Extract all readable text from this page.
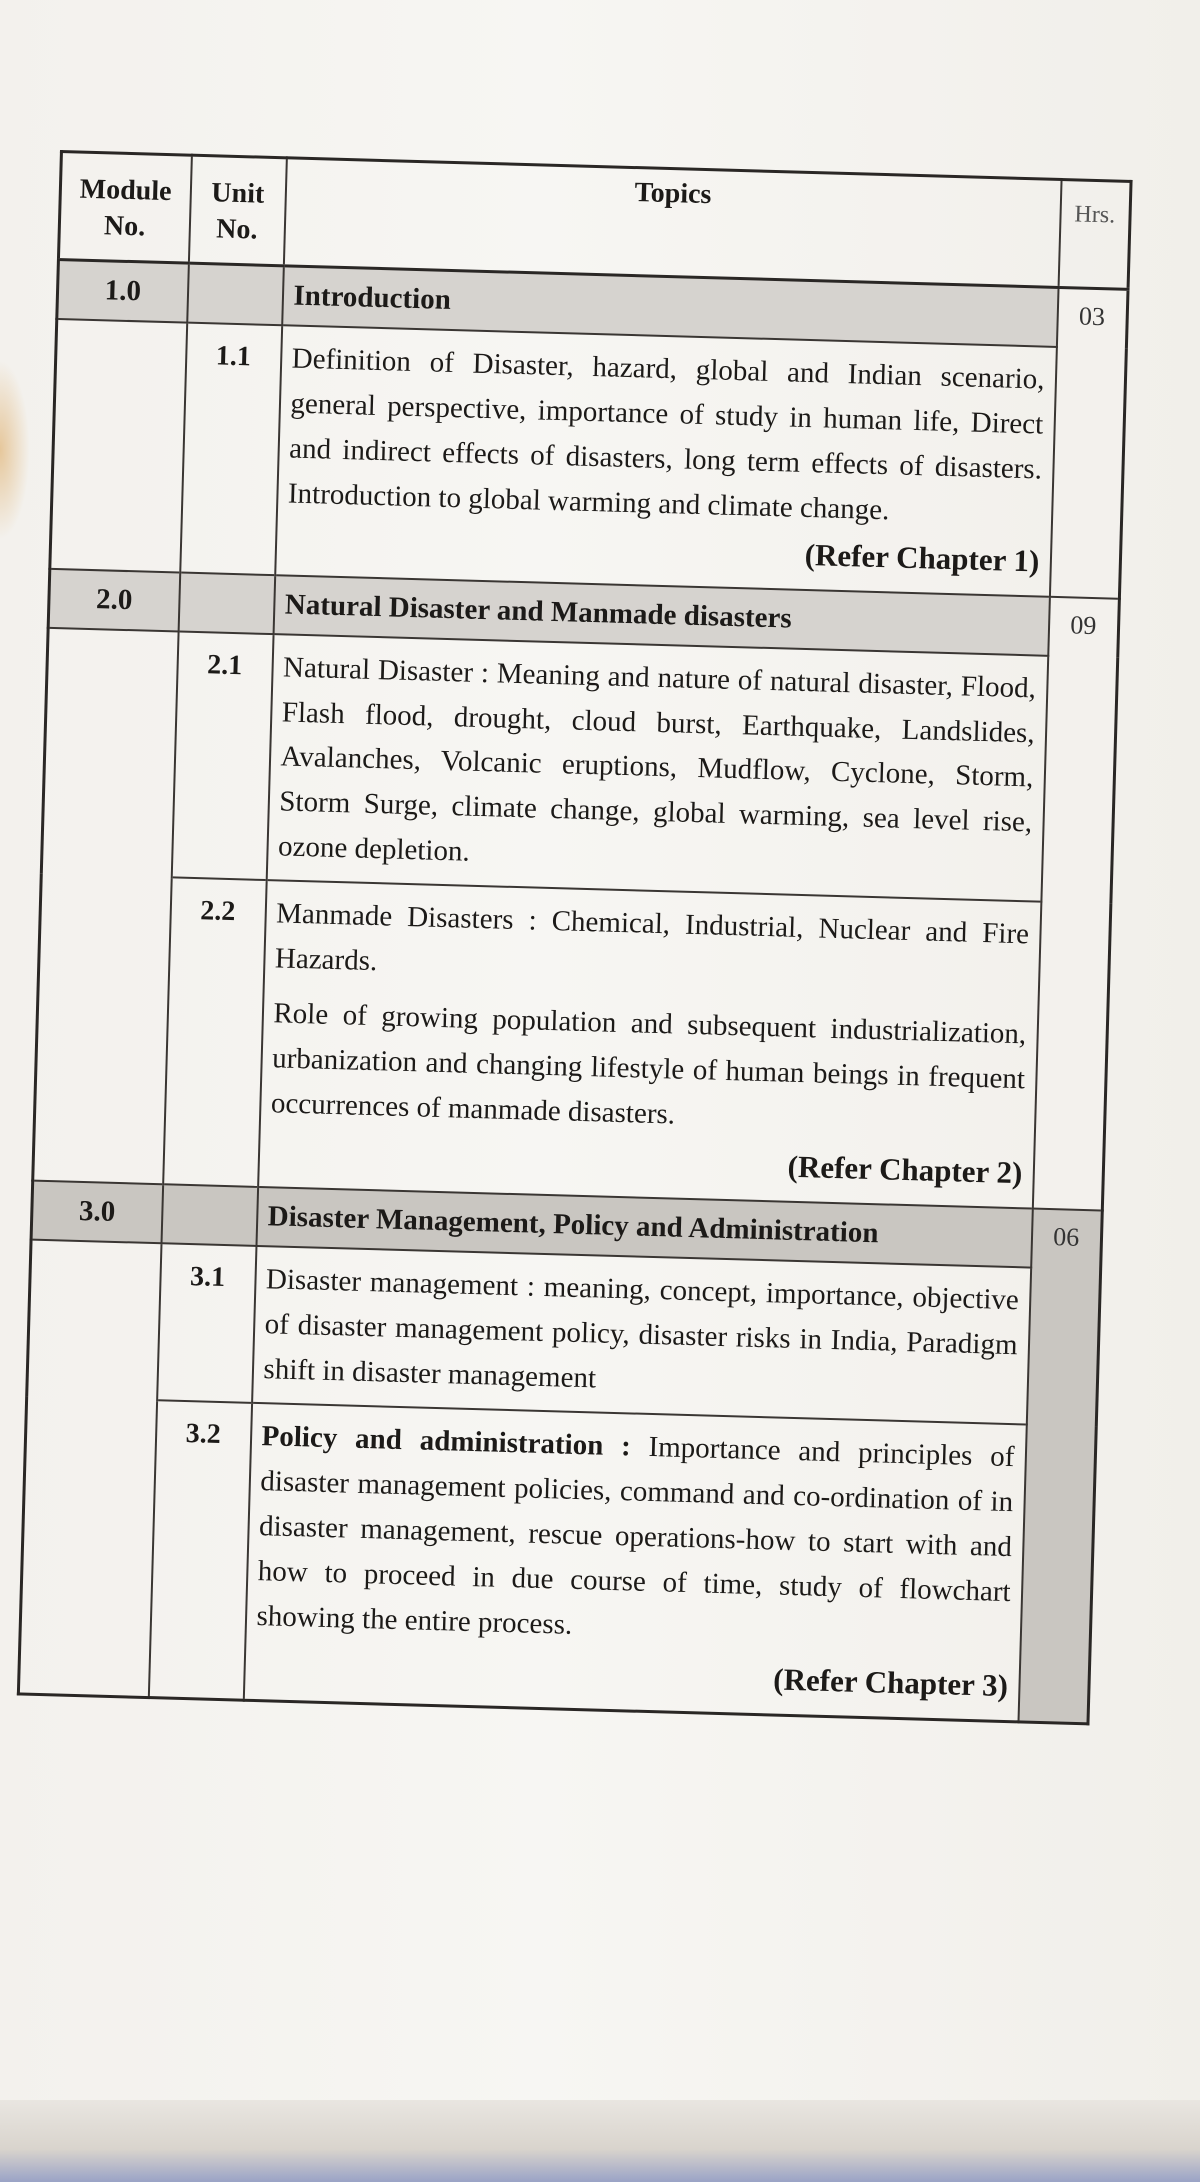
Module No.	Unit No.	Topics	Hrs.
1.0		Introduction	03
	1.1	Definition of Disaster, hazard, global and Indian scenario, general perspective, importance of study in human life, Direct and indirect effects of disasters, long term effects of disasters. Introduction to global warming and climate change.
(Refer Chapter 1)	

2.0		Natural Disaster and Manmade disasters	09
	2.1	Natural Disaster : Meaning and nature of natural disaster, Flood, Flash flood, drought, cloud burst, Earthquake, Landslides, Avalanches, Volcanic eruptions, Mudflow, Cyclone, Storm, Storm Surge, climate change, global warming, sea level rise, ozone depletion.	
	2.2	Manmade Disasters : Chemical, Industrial, Nuclear and Fire Hazards.
Role of growing population and subsequent industrialization, urbanization and changing lifestyle of human beings in frequent occurrences of manmade disasters.
(Refer Chapter 2)	

3.0		Disaster Management, Policy and Administration	06
	3.1	Disaster management : meaning, concept, importance, objective of disaster management policy, disaster risks in India, Paradigm shift in disaster management	
	3.2	Policy and administration : Importance and principles of disaster management policies, command and co-ordination of in disaster management, rescue operations-how to start with and how to proceed in due course of time, study of flowchart showing the entire process.
(Refer Chapter 3)	
